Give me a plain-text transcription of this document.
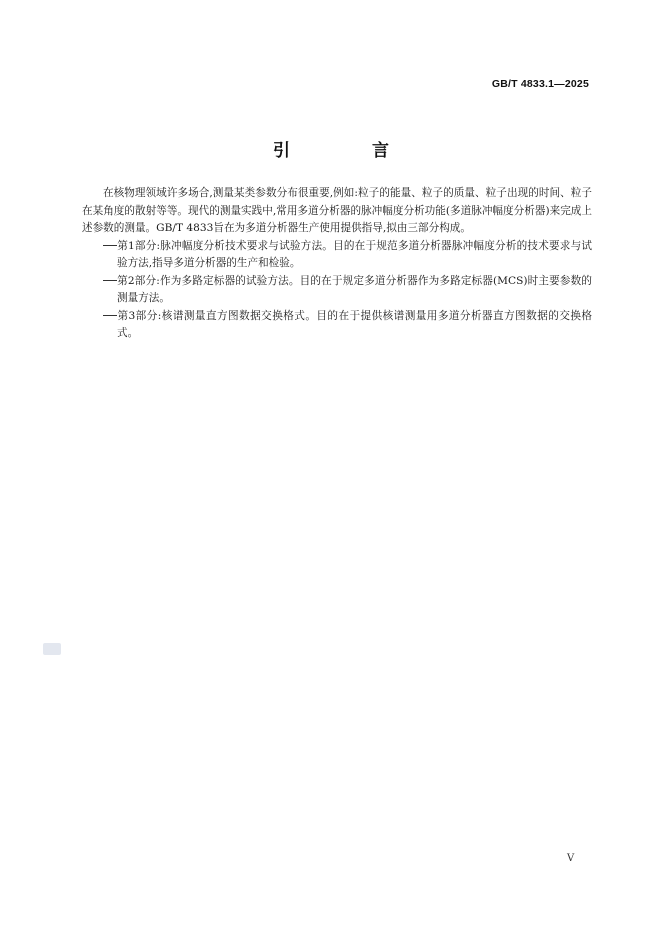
GB/T 4833.1—2025
引 言

在核物理领域许多场合,测量某类参数分布很重要,例如:粒子的能量、粒子的质量、粒子出现的时间、粒子在某角度的散射等等。现代的测量实践中,常用多道分析器的脉冲幅度分析功能(多道脉冲幅度分析器)来完成上述参数的测量。GB/T 4833旨在为多道分析器生产使用提供指导,拟由三部分构成。

第1部分:脉冲幅度分析技术要求与试验方法。目的在于规范多道分析器脉冲幅度分析的技术要求与试验方法,指导多道分析器的生产和检验。

第2部分:作为多路定标器的试验方法。目的在于规定多道分析器作为多路定标器(MCS)时主要参数的测量方法。

第3部分:核谱测量直方图数据交换格式。目的在于提供核谱测量用多道分析器直方图数据的交换格式。

V
